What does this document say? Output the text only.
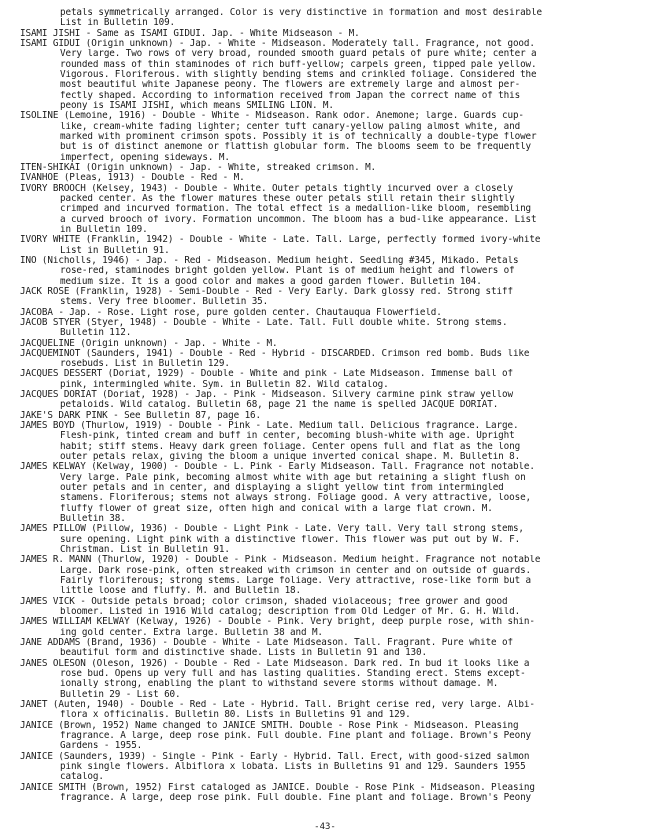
petals symmetrically arranged. Color is very distinctive in formation and most desirable
List in Bulletin 109.
ISAMI JISHI - Same as ISAMI GIDUI. Jap. - White Midseason - M.
ISAMI GIDUI (Origin unknown) - Jap. - White - Midseason. Moderately tall. Fragrance, not good.
Very large. Two rows of very broad, rounded smooth guard petals of pure white; center a
rounded mass of thin staminodes of rich buff-yellow; carpels green, tipped pale yellow.
Vigorous. Floriferous. with slightly bending stems and crinkled foliage. Considered the
most beautiful white Japanese peony. The flowers are extremely large and almost per-
fectly shaped. According to information received from Japan the correct name of this
peony is ISAMI JISHI, which means SMILING LION. M.
ISOLINE (Lemoine, 1916) - Double - White - Midseason. Rank odor. Anemone; large. Guards cup-
like, cream-white fading lighter; center tuft canary-yellow paling almost white, and
marked with prominent crimson spots. Possibly it is of technically a double-type flower
but is of distinct anemone or flattish globular form. The blooms seem to be frequently
imperfect, opening sideways. M.
ITEN-SHIKAI (Origin unknown) - Jap. - White, streaked crimson. M.
IVANHOE (Pleas, 1913) - Double - Red - M.
IVORY BROOCH (Kelsey, 1943) - Double - White. Outer petals tightly incurved over a closely
packed center. As the flower matures these outer petals still retain their slightly
crimped and incurved formation. The total effect is a medallion-like bloom, resembling
a curved brooch of ivory. Formation uncommon. The bloom has a bud-like appearance. List
in Bulletin 109.
IVORY WHITE (Franklin, 1942) - Double - White - Late. Tall. Large, perfectly formed ivory-white
List in Bulletin 91.
INO (Nicholls, 1946) - Jap. - Red - Midseason. Medium height. Seedling #345, Mikado. Petals
rose-red, staminodes bright golden yellow. Plant is of medium height and flowers of
medium size. It is a good color and makes a good garden flower. Bulletin 104.
JACK ROSE (Franklin, 1928) - Semi-Double - Red - Very Early. Dark glossy red. Strong stiff
stems. Very free bloomer. Bulletin 35.
JACOBA - Jap. - Rose. Light rose, pure golden center. Chautauqua Flowerfield.
JACOB STYER (Styer, 1948) - Double - White - Late. Tall. Full double white. Strong stems.
Bulletin 112.
JACQUELINE (Origin unknown) - Jap. - White - M.
JACQUEMINOT (Saunders, 1941) - Double - Red - Hybrid - DISCARDED. Crimson red bomb. Buds like
rosebuds. List in Bulletin 129.
JACQUES DESSERT (Doriat, 1929) - Double - White and pink - Late Midseason. Immense ball of
pink, intermingled white. Sym. in Bulletin 82. Wild catalog.
JACQUES DORIAT (Doriat, 1928) - Jap. - Pink - Midseason. Silvery carmine pink straw yellow
petaloids. Wild catalog. Bulletin 68, page 21 the name is spelled JACQUE DORIAT.
JAKE'S DARK PINK - See Bulletin 87, page 16.
JAMES BOYD (Thurlow, 1919) - Double - Pink - Late. Medium tall. Delicious fragrance. Large.
Flesh-pink, tinted cream and buff in center, becoming blush-white with age. Upright
habit; stiff stems. Heavy dark green foliage. Center opens full and flat as the long
outer petals relax, giving the bloom a unique inverted conical shape. M. Bulletin 8.
JAMES KELWAY (Kelway, 1900) - Double - L. Pink - Early Midseason. Tall. Fragrance not notable.
Very large. Pale pink, becoming almost white with age but retaining a slight flush on
outer petals and in center, and displaying a slight yellow tint from intermingled
stamens. Floriferous; stems not always strong. Foliage good. A very attractive, loose,
fluffy flower of great size, often high and conical with a large flat crown. M.
Bulletin 38.
JAMES PILLOW (Pillow, 1936) - Double - Light Pink - Late. Very tall. Very tall strong stems,
sure opening. Light pink with a distinctive flower. This flower was put out by W. F.
Christman. List in Bulletin 91.
JAMES R. MANN (Thurlow, 1920) - Double - Pink - Midseason. Medium height. Fragrance not notable
Large. Dark rose-pink, often streaked with crimson in center and on outside of guards.
Fairly floriferous; strong stems. Large foliage. Very attractive, rose-like form but a
little loose and fluffy. M. and Bulletin 18.
JAMES VICK - Outside petals broad; color crimson, shaded violaceous; free grower and good
bloomer. Listed in 1916 Wild catalog; description from Old Ledger of Mr. G. H. Wild.
JAMES WILLIAM KELWAY (Kelway, 1926) - Double - Pink. Very bright, deep purple rose, with shin-
ing gold center. Extra large. Bulletin 38 and M.
JANE ADDAMS (Brand, 1936) - Double - White - Late Midseason. Tall. Fragrant. Pure white of
beautiful form and distinctive shade. Lists in Bulletin 91 and 130.
JANES OLESON (Oleson, 1926) - Double - Red - Late Midseason. Dark red. In bud it looks like a
rose bud. Opens up very full and has lasting qualities. Standing erect. Stems except-
ionally strong, enabling the plant to withstand severe storms without damage. M.
Bulletin 29 - List 60.
JANET (Auten, 1940) - Double - Red - Late - Hybrid. Tall. Bright cerise red, very large. Albi-
flora x officinalis. Bulletin 80. Lists in Bulletins 91 and 129.
JANICE (Brown, 1952) Name changed to JANICE SMITH. Double - Rose Pink - Midseason. Pleasing
fragrance. A large, deep rose pink. Full double. Fine plant and foliage. Brown's Peony
Gardens - 1955.
JANICE (Saunders, 1939) - Single - Pink - Early - Hybrid. Tall. Erect, with good-sized salmon
pink single flowers. Albiflora x lobata. Lists in Bulletins 91 and 129. Saunders 1955
catalog.
JANICE SMITH (Brown, 1952) First cataloged as JANICE. Double - Rose Pink - Midseason. Pleasing
fragrance. A large, deep rose pink. Full double. Fine plant and foliage. Brown's Peony
-43-
